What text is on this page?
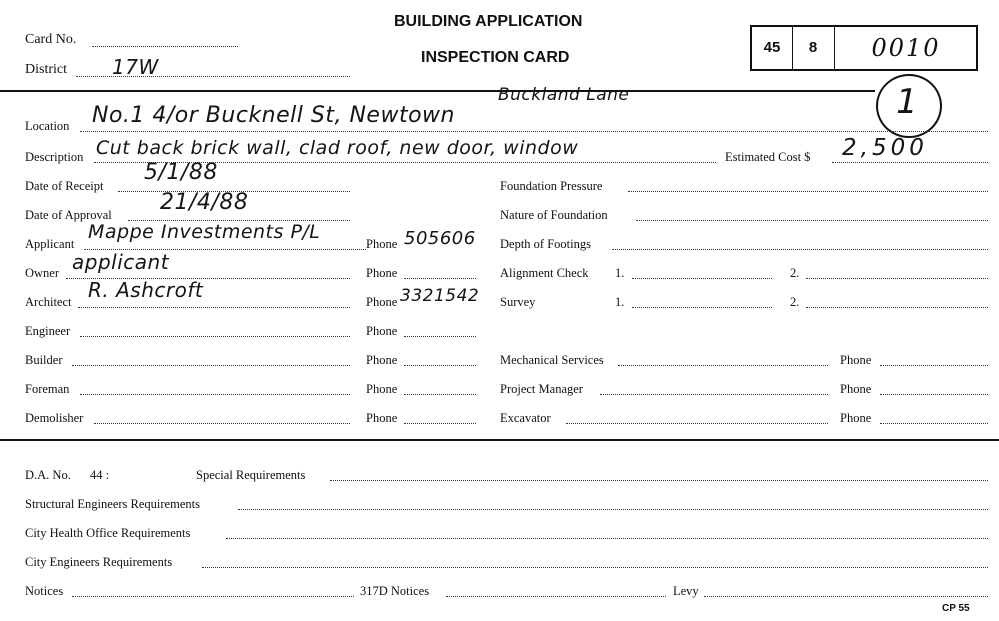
BUILDING APPLICATION
INSPECTION CARD
Card No.
District 17W
45	8	0010
1
Location No.1 4/or Bucknell St, Newtown
Buckland Lane
Description Cut back brick wall, clad roof, new door, window	Estimated Cost $ 2,500
Date of Receipt
5/1/88
Date of Approval 21/4/88
Applicant
Mappe Investments P/L
Phone 505606
Owner applicant	Phone
Architect R. Ashcroft	Phone 3321542
Engineer	Phone
Builder	Phone
Foreman	Phone
Demolisher	Phone
Foundation Pressure
Nature of Foundation
Depth of Footings
Alignment Check 1.	2.
Survey	1.	2.
Mechanical Services	Phone
Project Manager	Phone
Excavator	Phone
D.A. No. 44 :	Special Requirements
Structural Engineers Requirements
City Health Office Requirements
City Engineers Requirements
Notices	317D Notices	Levy
CP 55
